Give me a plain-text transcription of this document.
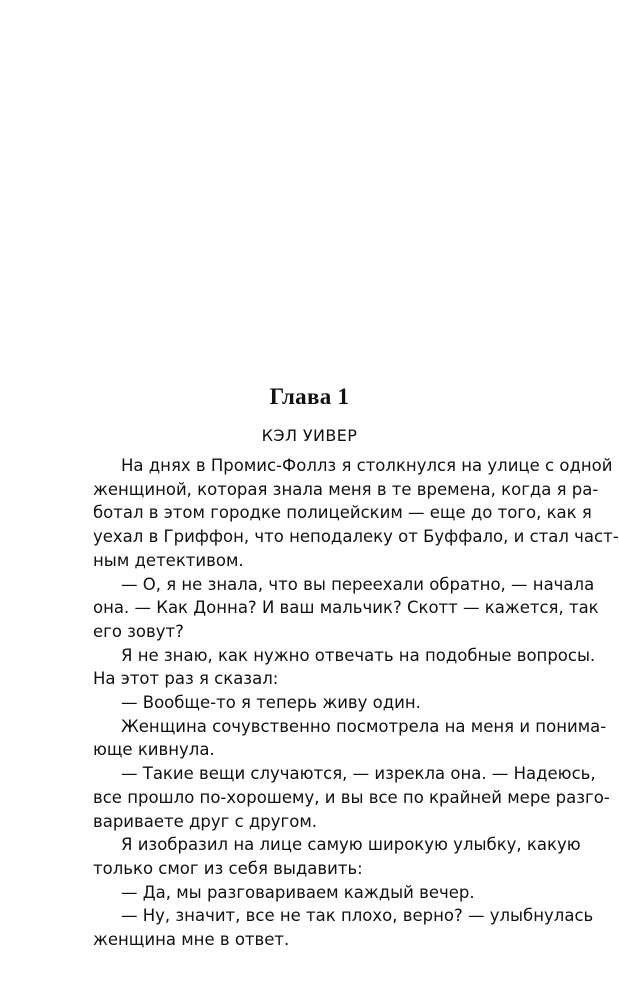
Глава 1
КЭЛ УИВЕР
На днях в Промис-Фоллз я столкнулся на улице с одной
женщиной, которая знала меня в те времена, когда я ра-
ботал в этом городке полицейским — еще до того, как я
уехал в Гриффон, что неподалеку от Буффало, и стал част-
ным детективом.
— О, я не знала, что вы переехали обратно, — начала
она. — Как Донна? И ваш мальчик? Скотт — кажется, так
его зовут?
Я не знаю, как нужно отвечать на подобные вопросы.
На этот раз я сказал:
— Вообще-то я теперь живу один.
Женщина сочувственно посмотрела на меня и понима-
юще кивнула.
— Такие вещи случаются, — изрекла она. — Надеюсь,
все прошло по-хорошему, и вы все по крайней мере разго-
вариваете друг с другом.
Я изобразил на лице самую широкую улыбку, какую
только смог из себя выдавить:
— Да, мы разговариваем каждый вечер.
— Ну, значит, все не так плохо, верно? — улыбнулась
женщина мне в ответ.
